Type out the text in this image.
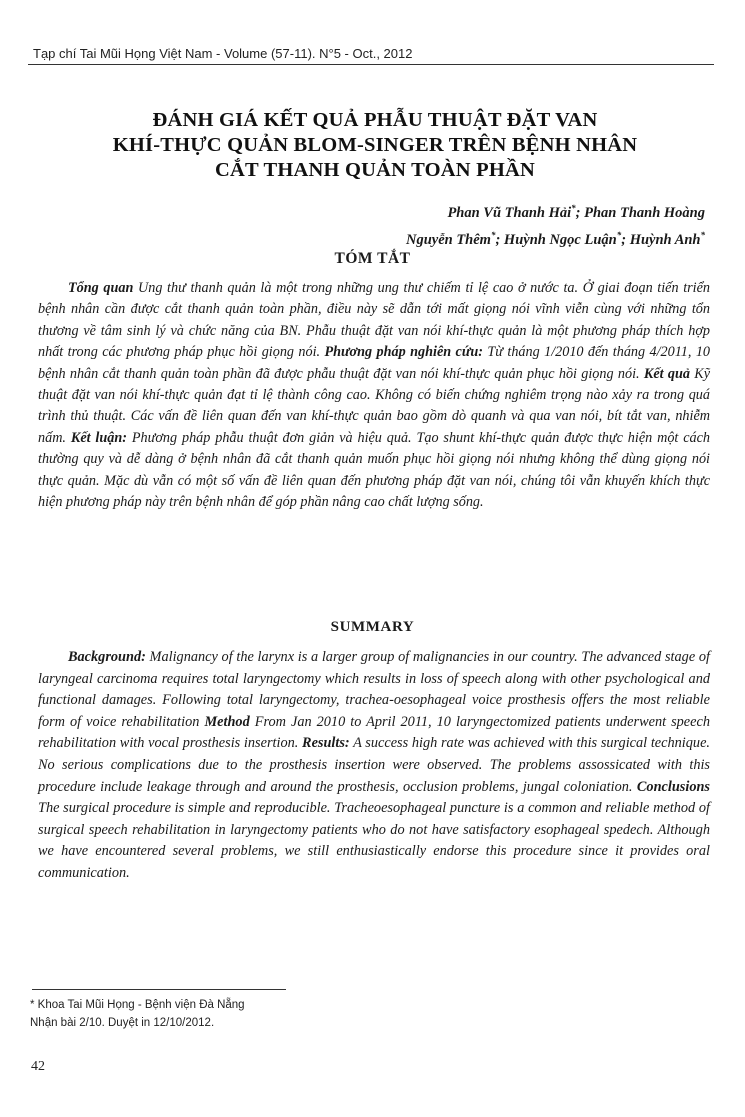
Tạp chí Tai Mũi Họng Việt Nam - Volume (57-11). N°5 - Oct., 2012
ĐÁNH GIÁ KẾT QUẢ PHẪU THUẬT ĐẶT VAN
KHÍ-THỰC QUẢN BLOM-SINGER TRÊN BỆNH NHÂN
CẮT THANH QUẢN TOÀN PHẦN
Phan Vũ Thanh Hải*; Phan Thanh Hoàng
Nguyễn Thêm*; Huỳnh Ngọc Luận*; Huỳnh Anh*
TÓM TẮT
Tổng quan Ung thư thanh quản là một trong những ung thư chiếm tỉ lệ cao ở nước ta. Ở giai đoạn tiến triển bệnh nhân cần được cắt thanh quản toàn phần, điều này sẽ dẫn tới mất giọng nói vĩnh viễn cùng với những tổn thương về tâm sinh lý và chức năng của BN. Phẫu thuật đặt van nói khí-thực quản là một phương pháp thích hợp nhất trong các phương pháp phục hồi giọng nói. Phương pháp nghiên cứu: Từ tháng 1/2010 đến tháng 4/2011, 10 bệnh nhân cắt thanh quản toàn phần đã được phẫu thuật đặt van nói khí-thực quản phục hồi giọng nói. Kết quả Kỹ thuật đặt van nói khí-thực quản đạt tỉ lệ thành công cao. Không có biến chứng nghiêm trọng nào xảy ra trong quá trình thủ thuật. Các vấn đề liên quan đến van khí-thực quản bao gồm dò quanh và qua van nói, bít tắt van, nhiễm nấm. Kết luận: Phương pháp phẫu thuật đơn giản và hiệu quả. Tạo shunt khí-thực quản được thực hiện một cách thường quy và dễ dàng ở bệnh nhân đã cắt thanh quản muốn phục hồi giọng nói nhưng không thể dùng giọng nói thực quản. Mặc dù vẫn có một số vấn đề liên quan đến phương pháp đặt van nói, chúng tôi vẫn khuyến khích thực hiện phương pháp này trên bệnh nhân để góp phần nâng cao chất lượng sống.
SUMMARY
Background: Malignancy of the larynx is a larger group of malignancies in our country. The advanced stage of laryngeal carcinoma requires total laryngectomy which results in loss of speech along with other psychological and functional damages. Following total laryngectomy, trachea-oesophageal voice prosthesis offers the most reliable form of voice rehabilitation Method From Jan 2010 to April 2011, 10 laryngectomized patients underwent speech rehabilitation with vocal prosthesis insertion. Results: A success high rate was achieved with this surgical technique. No serious complications due to the prosthesis insertion were observed. The problems assossicated with this procedure include leakage through and around the prosthesis, occlusion problems, jungal coloniation. Conclusions The surgical procedure is simple and reproducible. Tracheoesophageal puncture is a common and reliable method of surgical speech rehabilitation in laryngectomy patients who do not have satisfactory esophageal spedech. Although we have encountered several problems, we still enthusiastically endorse this procedure since it provides oral communication.
* Khoa Tai Mũi Họng - Bệnh viện Đà Nẵng
Nhận bài 2/10. Duyệt in 12/10/2012.
42
